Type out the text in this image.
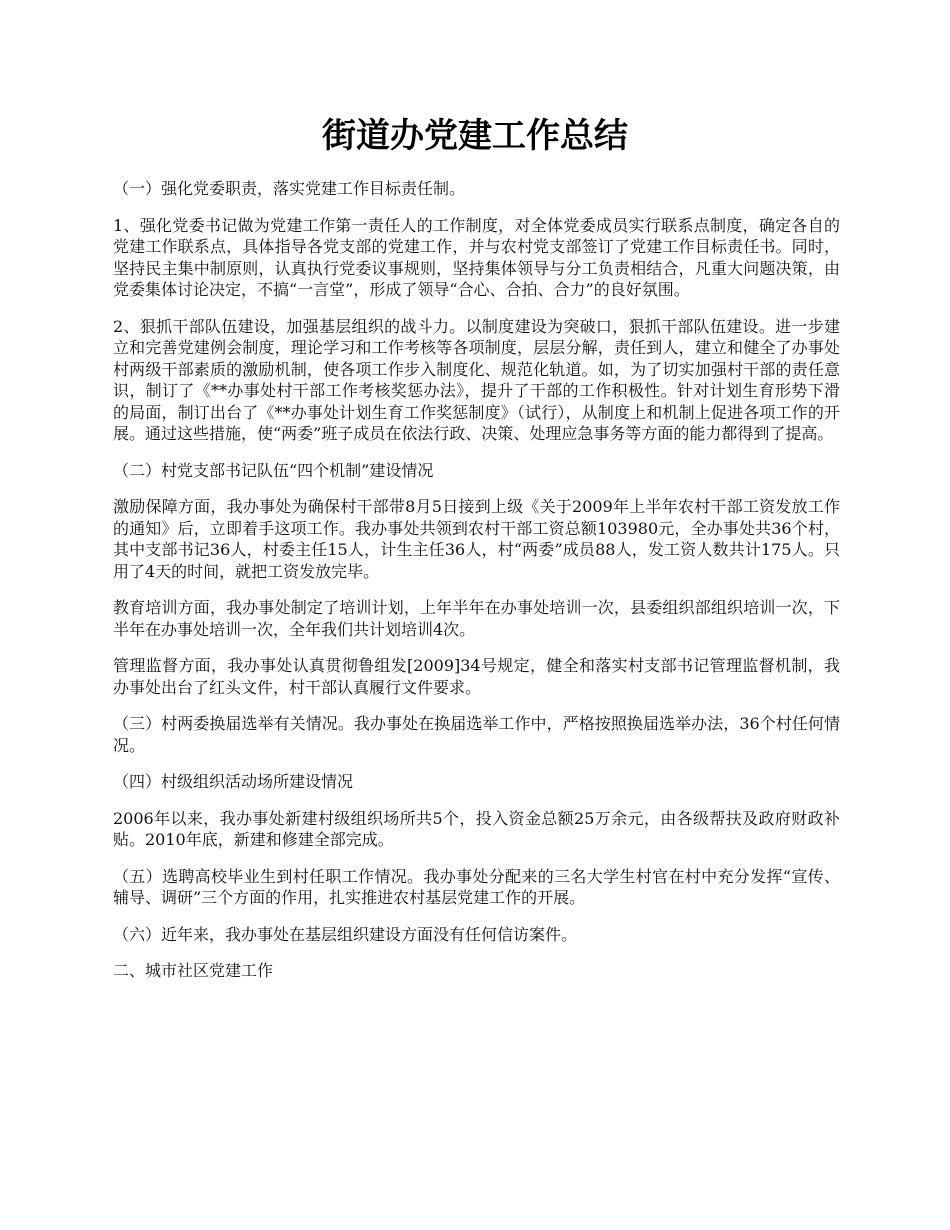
街道办党建工作总结

（一）强化党委职责，落实党建工作目标责任制。

1、强化党委书记做为党建工作第一责任人的工作制度，对全体党委成员实行联系点制度，确定各自的党建工作联系点，具体指导各党支部的党建工作，并与农村党支部签订了党建工作目标责任书。同时，坚持民主集中制原则，认真执行党委议事规则，坚持集体领导与分工负责相结合，凡重大问题决策，由党委集体讨论决定，不搞“一言堂”，形成了领导“合心、合拍、合力”的良好氛围。

2、狠抓干部队伍建设，加强基层组织的战斗力。以制度建设为突破口，狠抓干部队伍建设。进一步建立和完善党建例会制度，理论学习和工作考核等各项制度，层层分解，责任到人，建立和健全了办事处村两级干部素质的激励机制，使各项工作步入制度化、规范化轨道。如，为了切实加强村干部的责任意识，制订了《**办事处村干部工作考核奖惩办法》，提升了干部的工作积极性。针对计划生育形势下滑的局面，制订出台了《**办事处计划生育工作奖惩制度》（试行），从制度上和机制上促进各项工作的开展。通过这些措施，使“两委”班子成员在依法行政、决策、处理应急事务等方面的能力都得到了提高。

（二）村党支部书记队伍“四个机制”建设情况

激励保障方面，我办事处为确保村干部带8月5日接到上级《关于2009年上半年农村干部工资发放工作的通知》后，立即着手这项工作。我办事处共领到农村干部工资总额103980元，全办事处共36个村，其中支部书记36人，村委主任15人，计生主任36人，村“两委”成员88人，发工资人数共计175人。只用了4天的时间，就把工资发放完毕。

教育培训方面，我办事处制定了培训计划，上年半年在办事处培训一次，县委组织部组织培训一次，下半年在办事处培训一次，全年我们共计划培训4次。

管理监督方面，我办事处认真贯彻鲁组发[2009]34号规定，健全和落实村支部书记管理监督机制，我办事处出台了红头文件，村干部认真履行文件要求。

（三）村两委换届选举有关情况。我办事处在换届选举工作中，严格按照换届选举办法，36个村任何情况。

（四）村级组织活动场所建设情况

2006年以来，我办事处新建村级组织场所共5个，投入资金总额25万余元，由各级帮扶及政府财政补贴。2010年底，新建和修建全部完成。

（五）选聘高校毕业生到村任职工作情况。我办事处分配来的三名大学生村官在村中充分发挥“宣传、辅导、调研”三个方面的作用，扎实推进农村基层党建工作的开展。

（六）近年来，我办事处在基层组织建设方面没有任何信访案件。

二、城市社区党建工作
